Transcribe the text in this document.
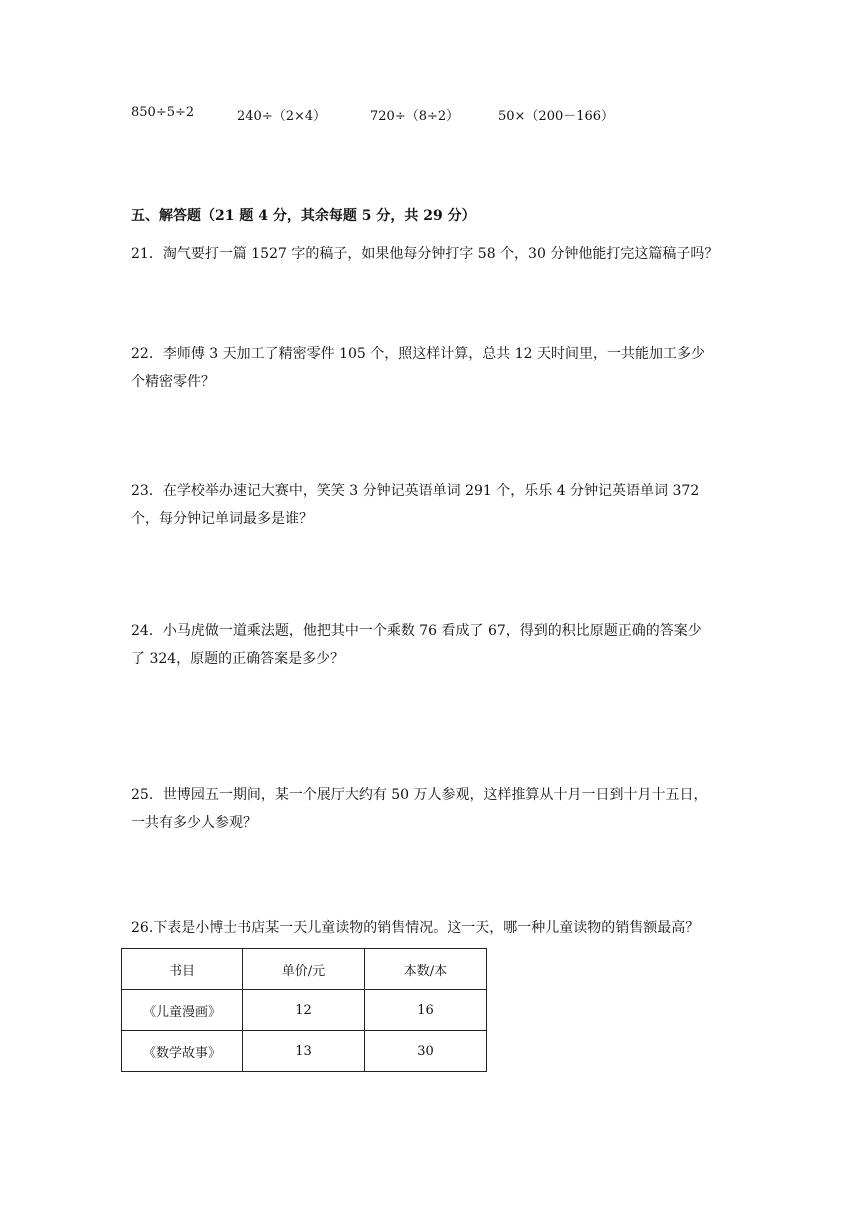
850÷5÷2	240÷（2×4）	720÷（8÷2）	50×（200－166）
五、解答题（21 题 4 分，其余每题 5 分，共 29 分）
21．淘气要打一篇 1527 字的稿子，如果他每分钟打字 58 个，30 分钟他能打完这篇稿子吗？
22．李师傅 3 天加工了精密零件 105 个，照这样计算，总共 12 天时间里，一共能加工多少
个精密零件？
23．在学校举办速记大赛中，笑笑 3 分钟记英语单词 291 个，乐乐 4 分钟记英语单词 372
个，每分钟记单词最多是谁？
24．小马虎做一道乘法题，他把其中一个乘数 76 看成了 67，得到的积比原题正确的答案少
了 324，原题的正确答案是多少？
25．世博园五一期间，某一个展厅大约有 50 万人参观，这样推算从十月一日到十月十五日，
一共有多少人参观？
26.下表是小博士书店某一天儿童读物的销售情况。这一天，哪一种儿童读物的销售额最高？
书目	单价/元	本数/本
《儿童漫画》	12	16
《数学故事》	13	30
